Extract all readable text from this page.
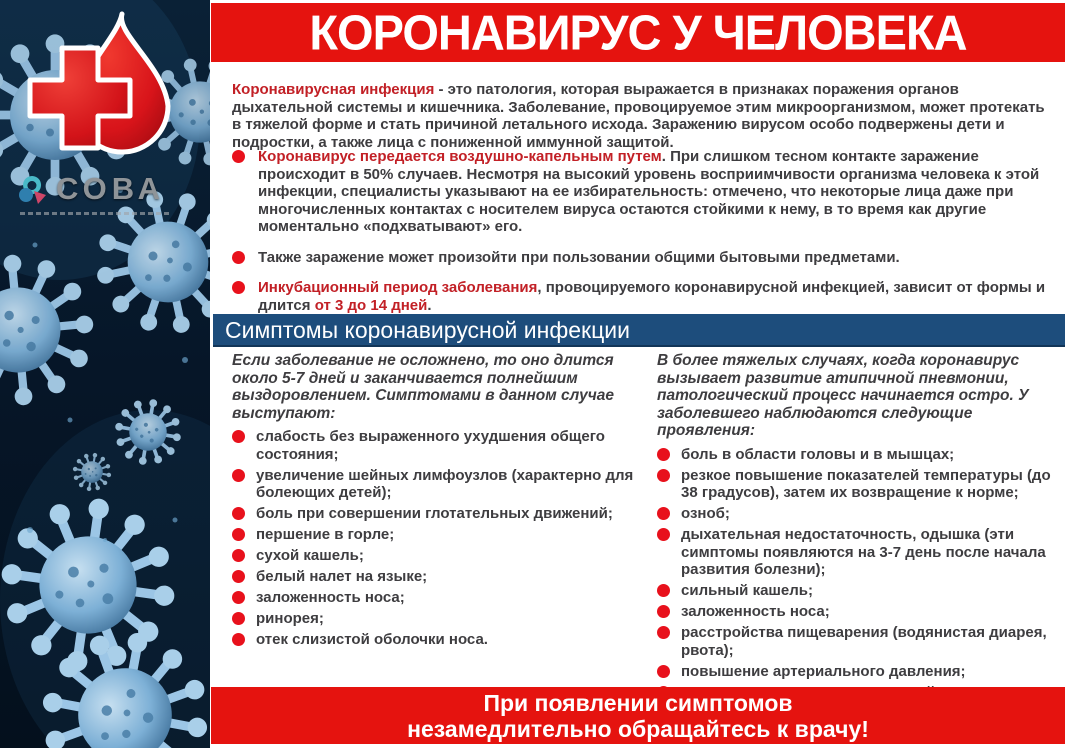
СОВА
КОРОНАВИРУС У ЧЕЛОВЕКА

Коронавирусная инфекция - это патология, которая выражается в признаках поражения органов дыхательной системы и кишечника. Заболевание, провоцируемое этим микроорганизмом, может протекать в тяжелой форме и стать причиной летального исхода. Заражению вирусом особо подвержены дети и подростки, а также лица с пониженной иммунной защитой.

Коронавирус передается воздушно-капельным путем. При слишком тесном контакте заражение происходит в 50% случаев. Несмотря на высокий уровень восприимчивости организма человека к этой инфекции, специалисты указывают на ее избирательность: отмечено, что некоторые лица даже при многочисленных контактах с носителем вируса остаются стойкими к нему, в то время как другие моментально «подхватывают» его.

Также заражение может произойти при пользовании общими бытовыми предметами.

Инкубационный период заболевания, провоцируемого коронавирусной инфекцией, зависит от формы и длится от 3 до 14 дней.

Симптомы коронавирусной инфекции

Если заболевание не осложнено, то оно длится около 5-7 дней и заканчивается полнейшим выздоровлением. Симптомами в данном случае выступают:

слабость без выраженного ухудшения общего состояния;
увеличение шейных лимфоузлов (характерно для болеющих детей);
боль при совершении глотательных движений;
першение в горле;
сухой кашель;
белый налет на языке;
заложенность носа;
ринорея;
отек слизистой оболочки носа.

В более тяжелых случаях, когда коронавирус вызывает развитие атипичной пневмонии, патологический процесс начинается остро. У заболевшего наблюдаются следующие проявления:

боль в области головы и в мышцах;
резкое повышение показателей температуры (до 38 градусов), затем их возвращение к норме;
озноб;
дыхательная недостаточность, одышка (эти симптомы появляются на 3-7 день после начала развития болезни);
сильный кашель;
заложенность носа;
расстройства пищеварения (водянистая диарея, рвота);
повышение артериального давления;
При появлении симптомов
незамедлительно обращайтесь к врачу!
